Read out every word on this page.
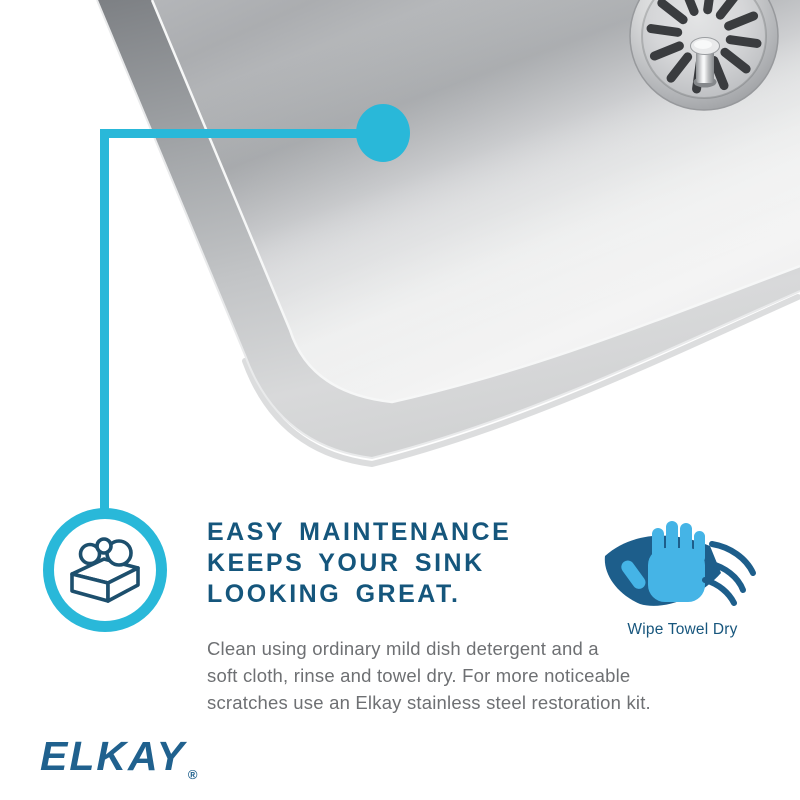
EASY MAINTENANCE
KEEPS YOUR SINK
LOOKING GREAT.
Clean using ordinary mild dish detergent and a
soft cloth, rinse and towel dry. For more noticeable
scratches use an Elkay stainless steel restoration kit.
Wipe Towel Dry
ELKAY ®
